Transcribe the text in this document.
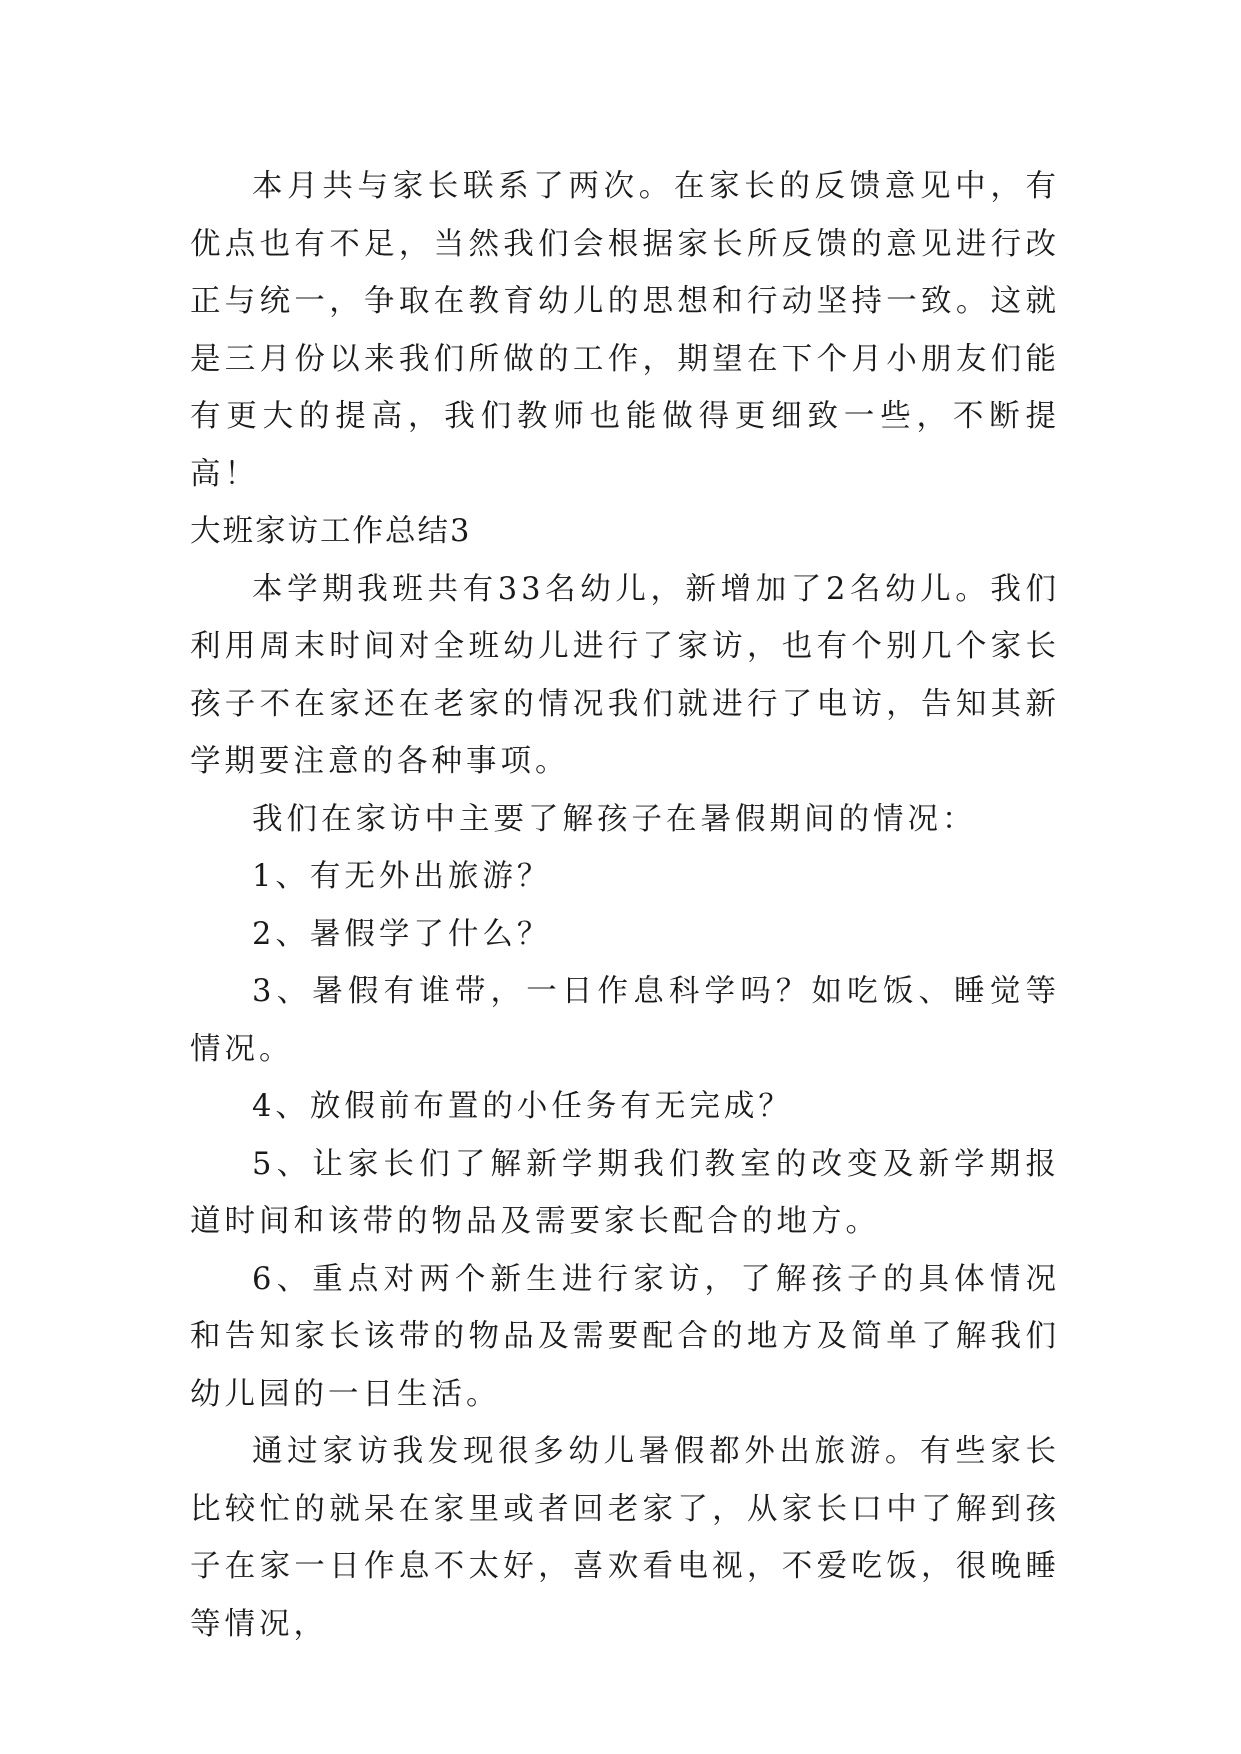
本月共与家长联系了两次。在家长的反馈意见中，有优点也有不足，当然我们会根据家长所反馈的意见进行改正与统一，争取在教育幼儿的思想和行动坚持一致。这就是三月份以来我们所做的工作，期望在下个月小朋友们能有更大的提高，我们教师也能做得更细致一些，不断提高！

大班家访工作总结3

本学期我班共有33名幼儿，新增加了2名幼儿。我们利用周末时间对全班幼儿进行了家访，也有个别几个家长孩子不在家还在老家的情况我们就进行了电访，告知其新学期要注意的各种事项。

我们在家访中主要了解孩子在暑假期间的情况：

1、有无外出旅游？

2、暑假学了什么？

3、暑假有谁带，一日作息科学吗？如吃饭、睡觉等情况。

4、放假前布置的小任务有无完成？

5、让家长们了解新学期我们教室的改变及新学期报道时间和该带的物品及需要家长配合的地方。

6、重点对两个新生进行家访，了解孩子的具体情况和告知家长该带的物品及需要配合的地方及简单了解我们幼儿园的一日生活。

通过家访我发现很多幼儿暑假都外出旅游。有些家长比较忙的就呆在家里或者回老家了，从家长口中了解到孩子在家一日作息不太好，喜欢看电视，不爱吃饭，很晚睡等情况，
